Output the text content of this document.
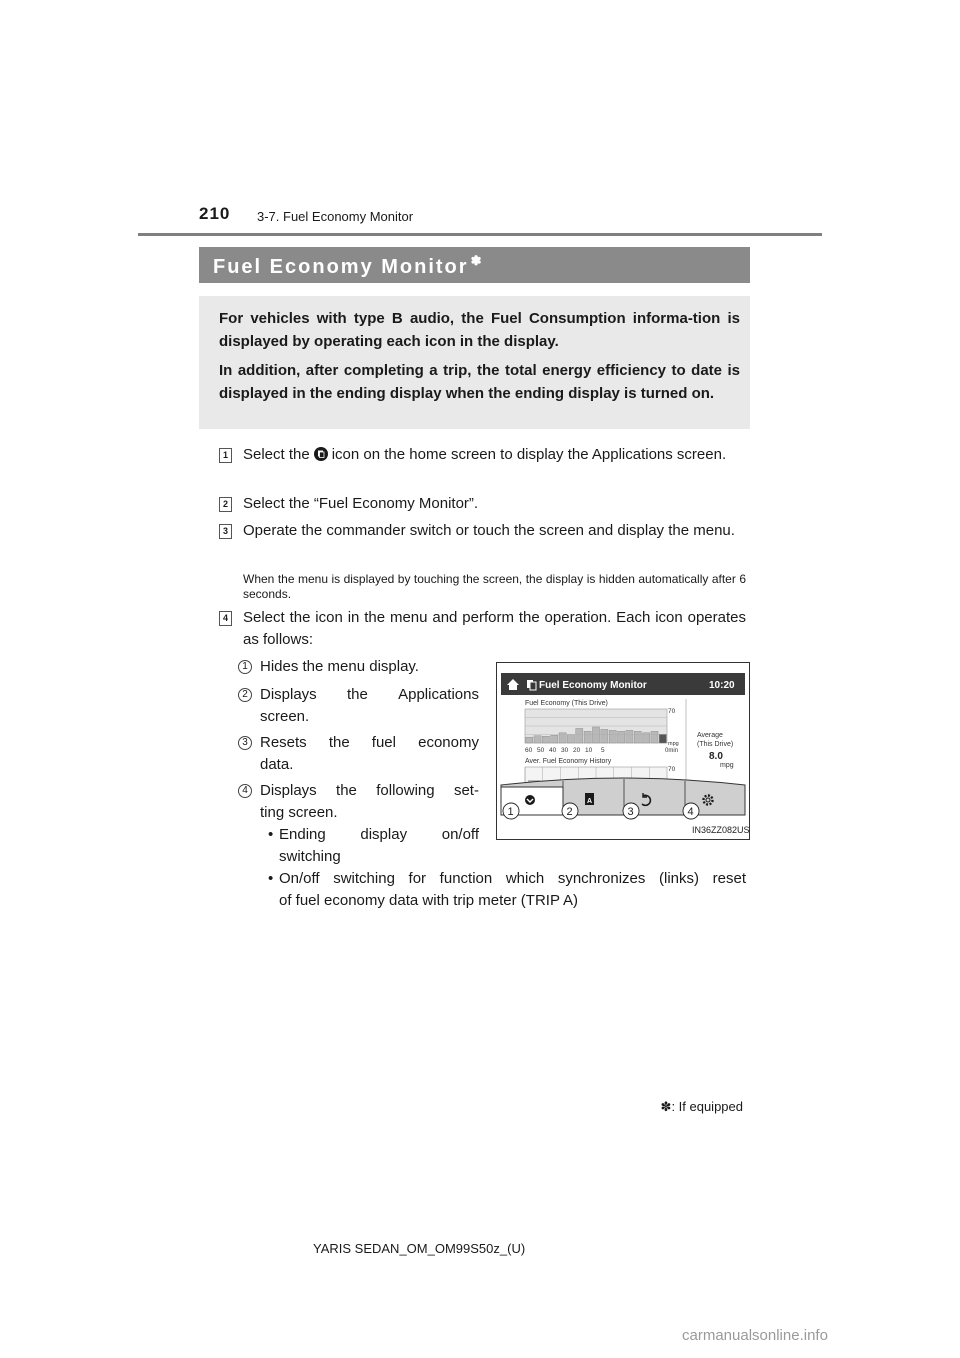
210 3-7. Fuel Economy Monitor
Fuel Economy Monitor ✽

For vehicles with type B audio, the Fuel Consumption informa-tion is displayed by operating each icon in the display.

In addition, after completing a trip, the total energy efficiency to date is displayed in the ending display when the ending display is turned on.

1 Select the icon on the home screen to display the Applications screen.
2 Select the “Fuel Economy Monitor”.
3 Operate the commander switch or touch the screen and display the menu.
When the menu is displayed by touching the screen, the display is hidden automatically after 6 seconds.
4 Select the icon in the menu and perform the operation. Each icon operates as follows:
1 Hides the menu display.
2 Displays the Applications
screen.
3 Resets the fuel economy
data.
4 Displays the following set-
ting screen.
• Ending display on/off
switching
• On/off switching for function which synchronizes (links) reset
of fuel economy data with trip meter (TRIP A)
Fuel Economy Monitor	10:20
Fuel Economy (This Drive)
70
60 50 40 30 20 10 5
mpg
0min
Average
(This Drive)
8.0
mpg
Aver. Fuel Economy History
70
A
1	2	3	4
IN36ZZ082US
✽: If equipped
YARIS SEDAN_OM_OM99S50z_(U)
carmanualsonline.info
